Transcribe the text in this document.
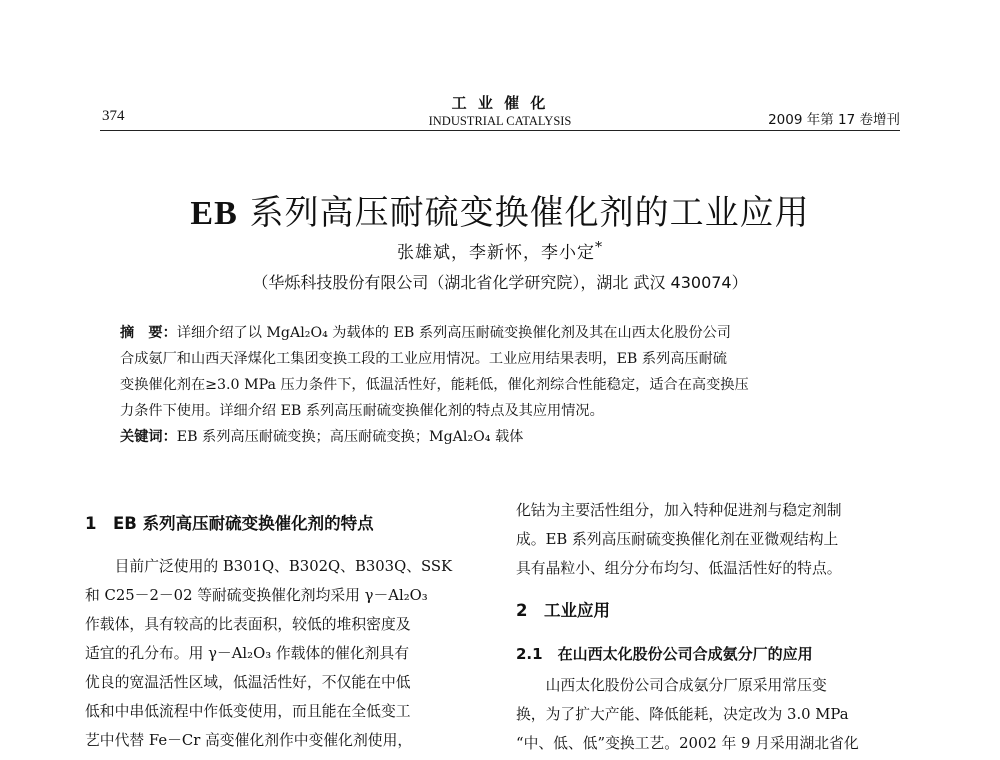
374
工 业 催 化
INDUSTRIAL CATALYSIS	2009 年第 17 卷增刊
EB 系列高压耐硫变换催化剂的工业应用
张雄斌，李新怀，李小定*
（华烁科技股份有限公司（湖北省化学研究院），湖北 武汉 430074）
摘　要：详细介绍了以 MgAl₂O₄ 为载体的 EB 系列高压耐硫变换催化剂及其在山西太化股份公司
合成氨厂和山西天泽煤化工集团变换工段的工业应用情况。工业应用结果表明，EB 系列高压耐硫
变换催化剂在≥3.0 MPa 压力条件下，低温活性好，能耗低，催化剂综合性能稳定，适合在高变换压
力条件下使用。详细介绍 EB 系列高压耐硫变换催化剂的特点及其应用情况。
关键词：EB 系列高压耐硫变换；高压耐硫变换；MgAl₂O₄ 载体
1　EB 系列高压耐硫变换催化剂的特点
　　目前广泛使用的 B301Q、B302Q、B303Q、SSK
和 C25－2－02 等耐硫变换催化剂均采用 γ－Al₂O₃
作载体，具有较高的比表面积，较低的堆积密度及
适宜的孔分布。用 γ－Al₂O₃ 作载体的催化剂具有
优良的宽温活性区域，低温活性好，不仅能在中低
低和中串低流程中作低变使用，而且能在全低变工
艺中代替 Fe－Cr 高变催化剂作中变催化剂使用，
化钴为主要活性组分，加入特种促进剂与稳定剂制
成。EB 系列高压耐硫变换催化剂在亚微观结构上
具有晶粒小、组分分布均匀、低温活性好的特点。
2　工业应用
2.1　在山西太化股份公司合成氨分厂的应用
　　山西太化股份公司合成氨分厂原采用常压变
换，为了扩大产能、降低能耗，决定改为 3.0 MPa
“中、低、低”变换工艺。2002 年 9 月采用湖北省化
